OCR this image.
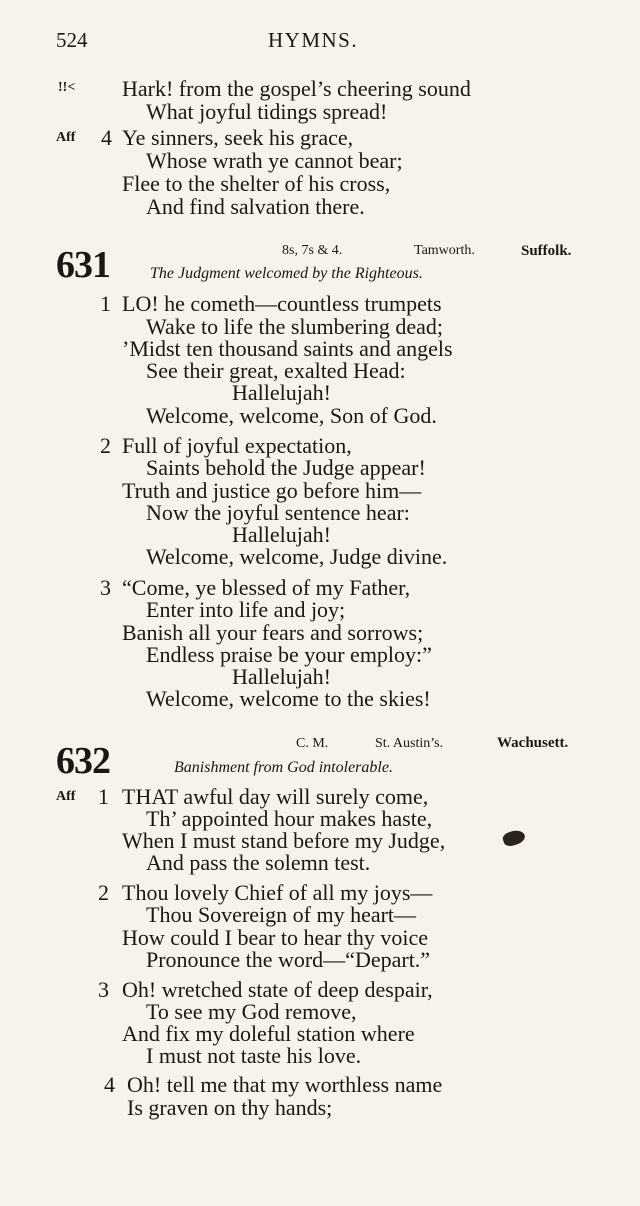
524	HYMNS.
!!< Hark! from the gospel’s cheering sound
What joyful tidings spread!
Aff 4 Ye sinners, seek his grace,
Whose wrath ye cannot bear;
Flee to the shelter of his cross,
And find salvation there.
631	8s, 7s & 4.	Tamworth.	Suffolk.
The Judgment welcomed by the Righteous.
1 LO! he cometh—countless trumpets
Wake to life the slumbering dead;
’Midst ten thousand saints and angels
See their great, exalted Head:
Hallelujah!
Welcome, welcome, Son of God.
2 Full of joyful expectation,
Saints behold the Judge appear!
Truth and justice go before him—
Now the joyful sentence hear:
Hallelujah!
Welcome, welcome, Judge divine.
3 “Come, ye blessed of my Father,
Enter into life and joy;
Banish all your fears and sorrows;
Endless praise be your employ:”
Hallelujah!
Welcome, welcome to the skies!
632	C. M.	St. Austin’s.	Wachusett.
Banishment from God intolerable.
Aff 1 THAT awful day will surely come,
Th’ appointed hour makes haste,
When I must stand before my Judge,
And pass the solemn test.
2 Thou lovely Chief of all my joys—
Thou Sovereign of my heart—
How could I bear to hear thy voice
Pronounce the word—“Depart.”
3 Oh! wretched state of deep despair,
To see my God remove,
And fix my doleful station where
I must not taste his love.
4 Oh! tell me that my worthless name
Is graven on thy hands;
